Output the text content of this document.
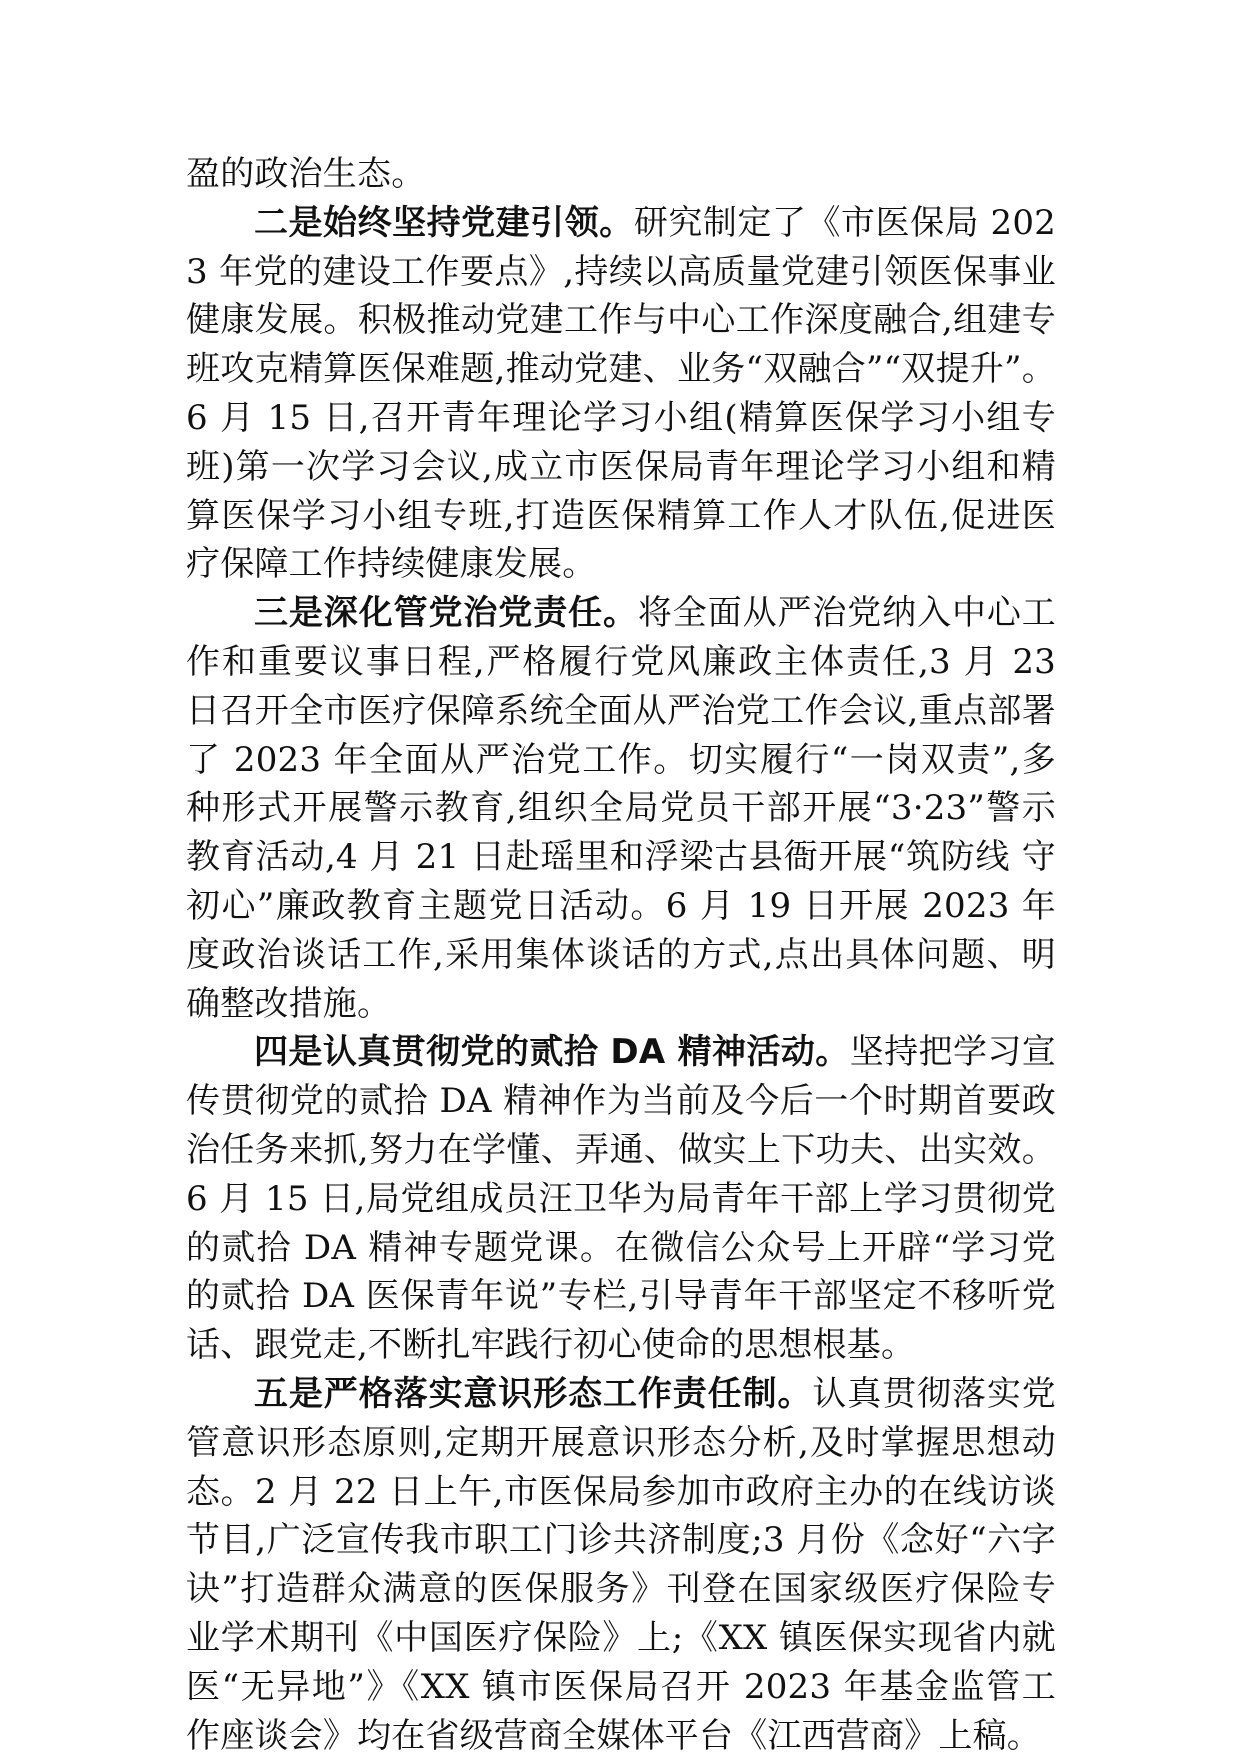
盈的政治生态。

二是始终坚持党建引领。研究制定了《市医保局 2023 年党的建设工作要点》,持续以高质量党建引领医保事业健康发展。积极推动党建工作与中心工作深度融合,组建专班攻克精算医保难题,推动党建、业务“双融合”“双提升”。6 月 15 日,召开青年理论学习小组(精算医保学习小组专班)第一次学习会议,成立市医保局青年理论学习小组和精算医保学习小组专班,打造医保精算工作人才队伍,促进医疗保障工作持续健康发展。

三是深化管党治党责任。将全面从严治党纳入中心工作和重要议事日程,严格履行党风廉政主体责任,3 月 23 日召开全市医疗保障系统全面从严治党工作会议,重点部署了 2023 年全面从严治党工作。切实履行“一岗双责”,多种形式开展警示教育,组织全局党员干部开展“3·23”警示教育活动,4 月 21 日赴瑶里和浮梁古县衙开展“筑防线 守初心”廉政教育主题党日活动。6 月 19 日开展 2023 年度政治谈话工作,采用集体谈话的方式,点出具体问题、明确整改措施。

四是认真贯彻党的贰拾 DA 精神活动。坚持把学习宣传贯彻党的贰拾 DA 精神作为当前及今后一个时期首要政治任务来抓,努力在学懂、弄通、做实上下功夫、出实效。6 月 15 日,局党组成员汪卫华为局青年干部上学习贯彻党的贰拾 DA 精神专题党课。在微信公众号上开辟“学习党的贰拾 DA 医保青年说”专栏,引导青年干部坚定不移听党话、跟党走,不断扎牢践行初心使命的思想根基。

五是严格落实意识形态工作责任制。认真贯彻落实党管意识形态原则,定期开展意识形态分析,及时掌握思想动态。2 月 22 日上午,市医保局参加市政府主办的在线访谈节目,广泛宣传我市职工门诊共济制度;3 月份《念好“六字诀”打造群众满意的医保服务》刊登在国家级医疗保险专业学术期刊《中国医疗保险》上;《XX 镇医保实现省内就医“无异地”》《XX 镇市医保局召开 2023 年基金监管工作座谈会》均在省级营商全媒体平台《江西营商》上稿。
